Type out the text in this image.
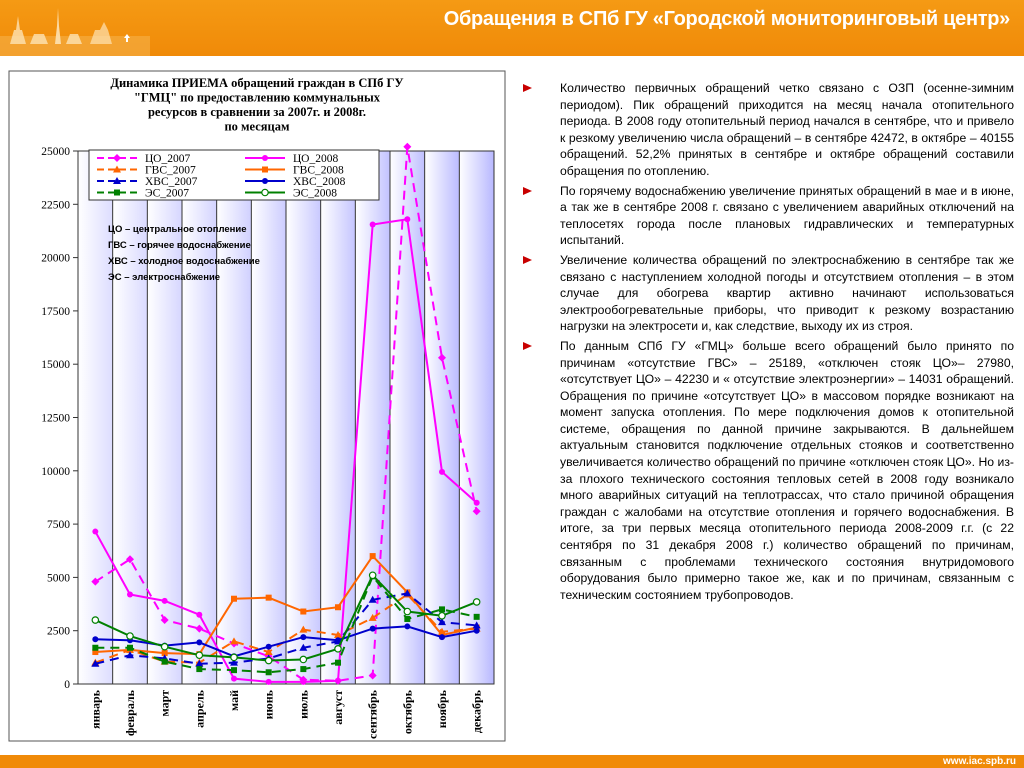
Обращения в СПб ГУ «Городской мониторинговый центр»
0
2500
5000
7500
10000
12500
15000
17500
20000
22500
25000
январь февраль март апрель май июнь июль август сентябрь октябрь ноябрь декабрь
Динамика ПРИЕМА обращений граждан в СПб ГУ
"ГМЦ" по предоставлению коммунальных
ресурсов в сравнении за 2007г. и 2008г.
по месяцам
ЦО_2007	ЦО_2008
ГВС_2007	ГВС_2008
ХВС_2007	ХВС_2008
ЭС_2007	ЭС_2008
ЦО – центральное отопление
ГВС – горячее водоснабжение
ХВС – холодное водоснабжение
ЭС – электроснабжение

Количество первичных обращений четко связано с ОЗП (осенне-зимним периодом). Пик обращений приходится на месяц начала отопительного периода. В 2008 году отопительный период начался в сентябре, что и привело к резкому увеличению числа обращений – в сентябре 42472, в октябре – 40155 обращений. 52,2% принятых в сентябре и октябре обращений составили обращения по отоплению.

По горячему водоснабжению увеличение принятых обращений в мае и в июне, а так же в сентябре 2008 г. связано с увеличением аварийных отключений на теплосетях города после плановых гидравлических и температурных испытаний.

Увеличение количества обращений по электроснабжению в сентябре так же связано с наступлением холодной погоды и отсутствием отопления – в этом случае для обогрева квартир активно начинают использоваться электрообогревательные приборы, что приводит к резкому возрастанию нагрузки на электросети и, как следствие, выходу их из строя.

По данным СПб ГУ «ГМЦ» больше всего обращений было принято по причинам «отсутствие ГВС» – 25189, «отключен стояк ЦО»– 27980, «отсутствует ЦО» – 42230 и « отсутствие электроэнергии» – 14031 обращений. Обращения по причине «отсутствует ЦО» в массовом порядке возникают на момент запуска отопления. По мере подключения домов к отопительной системе, обращения по данной причине закрываются. В дальнейшем актуальным становится подключение отдельных стояков и соответственно увеличивается количество обращений по причине «отключен стояк ЦО». Но из-за плохого технического состояния тепловых сетей в 2008 году возникало много аварийных ситуаций на теплотрассах, что стало причиной обращения граждан с жалобами на отсутствие отопления и горячего водоснабжения. В итоге, за три первых месяца отопительного периода 2008-2009 г.г. (с 22 сентября по 31 декабря 2008 г.) количество обращений по причинам, связанным с проблемами технического состояния внутридомового оборудования было примерно такое же, как и по причинам, связанным с техническим состоянием трубопроводов.

www.iac.spb.ru
